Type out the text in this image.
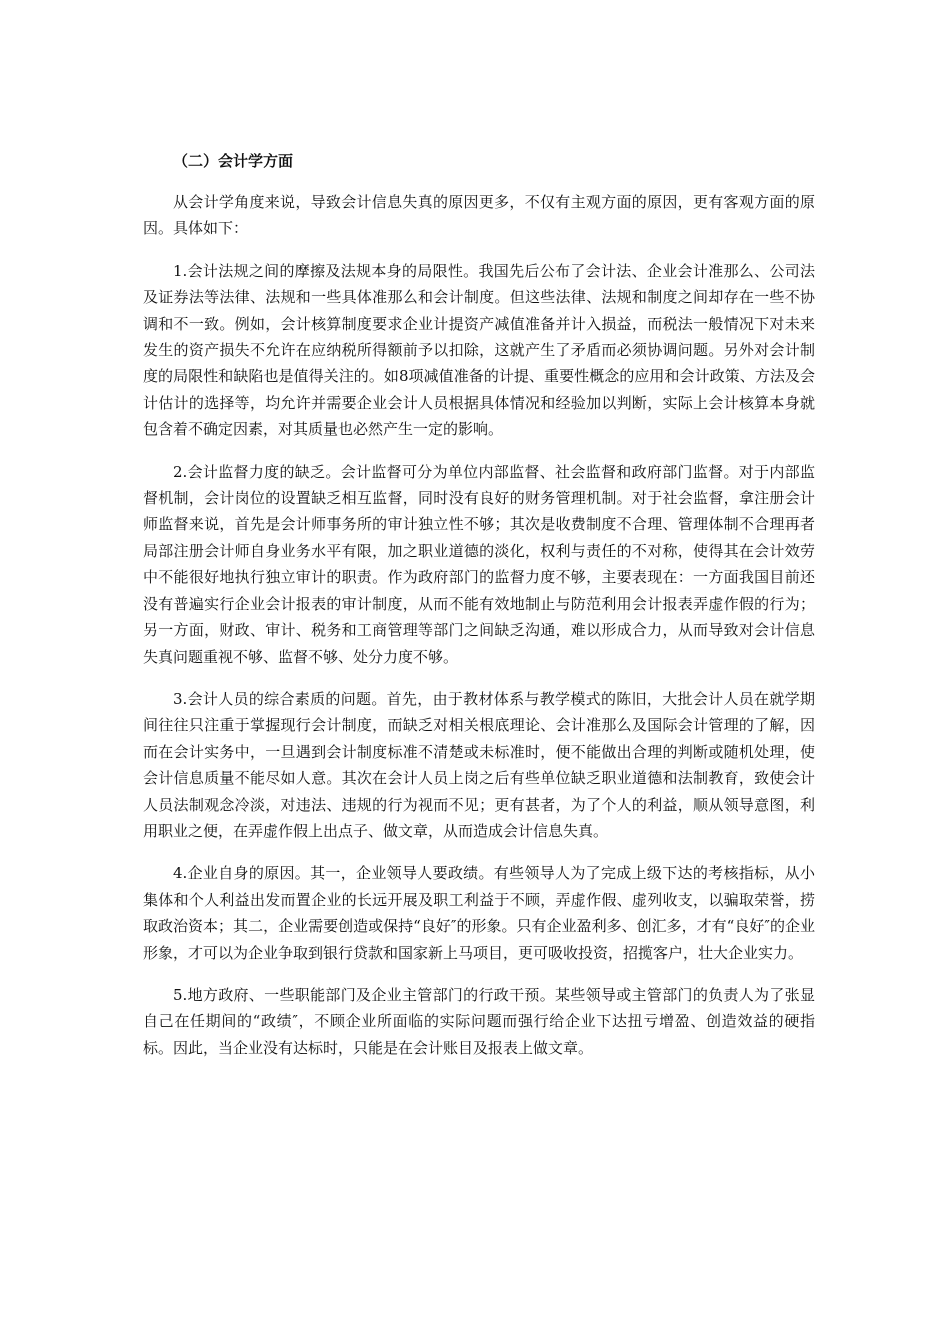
（二）会计学方面

从会计学角度来说，导致会计信息失真的原因更多，不仅有主观方面的原因，更有客观方面的原因。具体如下：

1.会计法规之间的摩擦及法规本身的局限性。我国先后公布了会计法、企业会计准那么、公司法及证券法等法律、法规和一些具体准那么和会计制度。但这些法律、法规和制度之间却存在一些不协调和不一致。例如，会计核算制度要求企业计提资产减值准备并计入损益，而税法一般情况下对未来发生的资产损失不允许在应纳税所得额前予以扣除，这就产生了矛盾而必须协调问题。另外对会计制度的局限性和缺陷也是值得关注的。如8项减值准备的计提、重要性概念的应用和会计政策、方法及会计估计的选择等，均允许并需要企业会计人员根据具体情况和经验加以判断，实际上会计核算本身就包含着不确定因素，对其质量也必然产生一定的影响。

2.会计监督力度的缺乏。会计监督可分为单位内部监督、社会监督和政府部门监督。对于内部监督机制，会计岗位的设置缺乏相互监督，同时没有良好的财务管理机制。对于社会监督，拿注册会计师监督来说，首先是会计师事务所的审计独立性不够；其次是收费制度不合理、管理体制不合理再者局部注册会计师自身业务水平有限，加之职业道德的淡化，权利与责任的不对称，使得其在会计效劳中不能很好地执行独立审计的职责。作为政府部门的监督力度不够，主要表现在：一方面我国目前还没有普遍实行企业会计报表的审计制度，从而不能有效地制止与防范利用会计报表弄虚作假的行为；另一方面，财政、审计、税务和工商管理等部门之间缺乏沟通，难以形成合力，从而导致对会计信息失真问题重视不够、监督不够、处分力度不够。

3.会计人员的综合素质的问题。首先，由于教材体系与教学模式的陈旧，大批会计人员在就学期间往往只注重于掌握现行会计制度，而缺乏对相关根底理论、会计准那么及国际会计管理的了解，因而在会计实务中，一旦遇到会计制度标准不清楚或未标准时，便不能做出合理的判断或随机处理，使会计信息质量不能尽如人意。其次在会计人员上岗之后有些单位缺乏职业道德和法制教育，致使会计人员法制观念冷淡，对违法、违规的行为视而不见；更有甚者，为了个人的利益，顺从领导意图，利用职业之便，在弄虚作假上出点子、做文章，从而造成会计信息失真。

4.企业自身的原因。其一，企业领导人要政绩。有些领导人为了完成上级下达的考核指标，从小集体和个人利益出发而置企业的长远开展及职工利益于不顾，弄虚作假、虚列收支，以骗取荣誉，捞取政治资本；其二，企业需要创造或保持“良好″的形象。只有企业盈利多、创汇多，才有“良好″的企业形象，才可以为企业争取到银行贷款和国家新上马项目，更可吸收投资，招揽客户，壮大企业实力。

5.地方政府、一些职能部门及企业主管部门的行政干预。某些领导或主管部门的负责人为了张显自己在任期间的“政绩″，不顾企业所面临的实际问题而强行给企业下达扭亏增盈、创造效益的硬指标。因此，当企业没有达标时，只能是在会计账目及报表上做文章。
